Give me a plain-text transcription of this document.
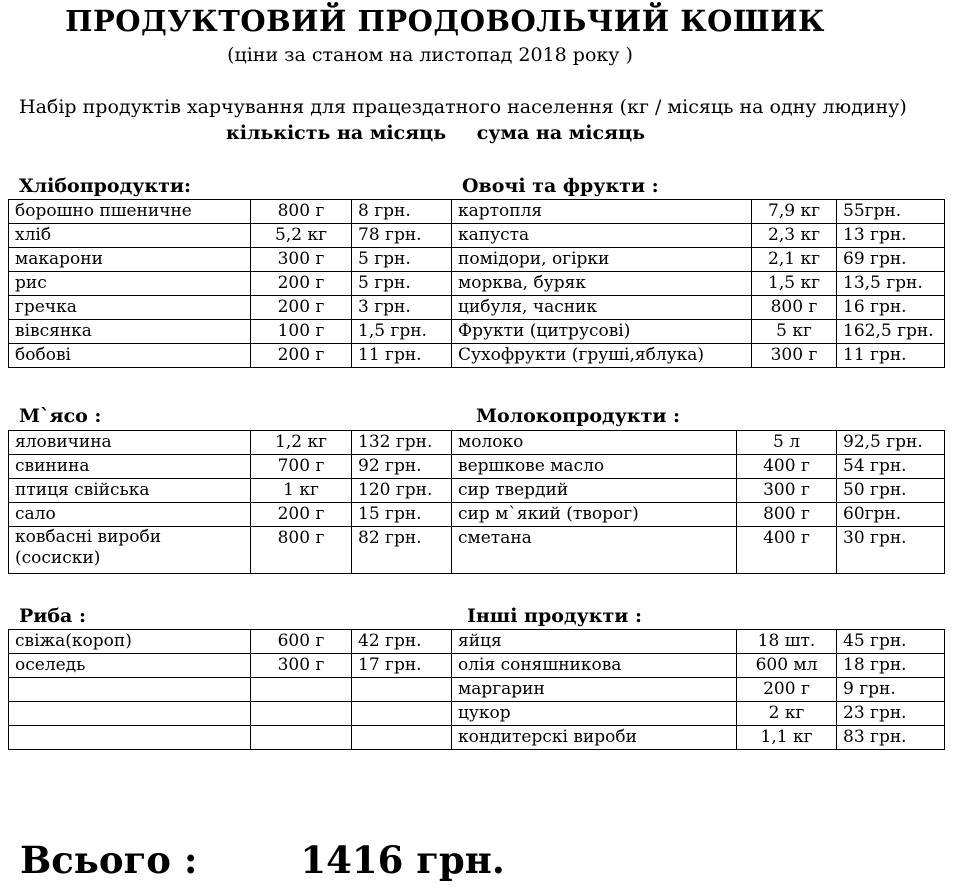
ПРОДУКТОВИЙ ПРОДОВОЛЬЧИЙ КОШИК
(ціни за станом на листопад 2018 року )
Набір продуктів харчування для працездатного населення (кг / місяць на одну людину)
кількість на місяць сума на місяць
Хлібопродукти:	Овочі та фрукти :
борошно пшеничне	800 г	8 грн.	картопля	7,9 кг	55грн.
хліб	5,2 кг	78 грн.	капуста	2,3 кг	13 грн.
макарони	300 г	5 грн.	помідори, огірки	2,1 кг	69 грн.
рис	200 г	5 грн.	морква, буряк	1,5 кг	13,5 грн.
гречка	200 г	3 грн.	цибуля, часник	800 г	16 грн.
вівсянка	100 г	1,5 грн.	Фрукти (цитрусові)	5 кг	162,5 грн.
бобові	200 г	11 грн.	Сухофрукти (груші,яблука)	300 г	11 грн.
М`ясо :	Молокопродукти :
яловичина	1,2 кг	132 грн.	молоко	5 л	92,5 грн.
свинина	700 г	92 грн.	вершкове масло	400 г	54 грн.
птиця свійська	1 кг	120 грн.	сир твердий	300 г	50 грн.
сало	200 г	15 грн.	сир м`який (творог)	800 г	60грн.
ковбасні вироби (сосиски)	800 г	82 грн.	сметана	400 г	30 грн.
Риба :	Інші продукти :
свіжа(короп)	600 г	42 грн.	яйця	18 шт.	45 грн.
оселедь	300 г	17 грн.	олія соняшникова	600 мл	18 грн.
			маргарин	200 г	9 грн.
			цукор	2 кг	23 грн.
			кондитерскі вироби	1,1 кг	83 грн.
Всього :	1416 грн.
